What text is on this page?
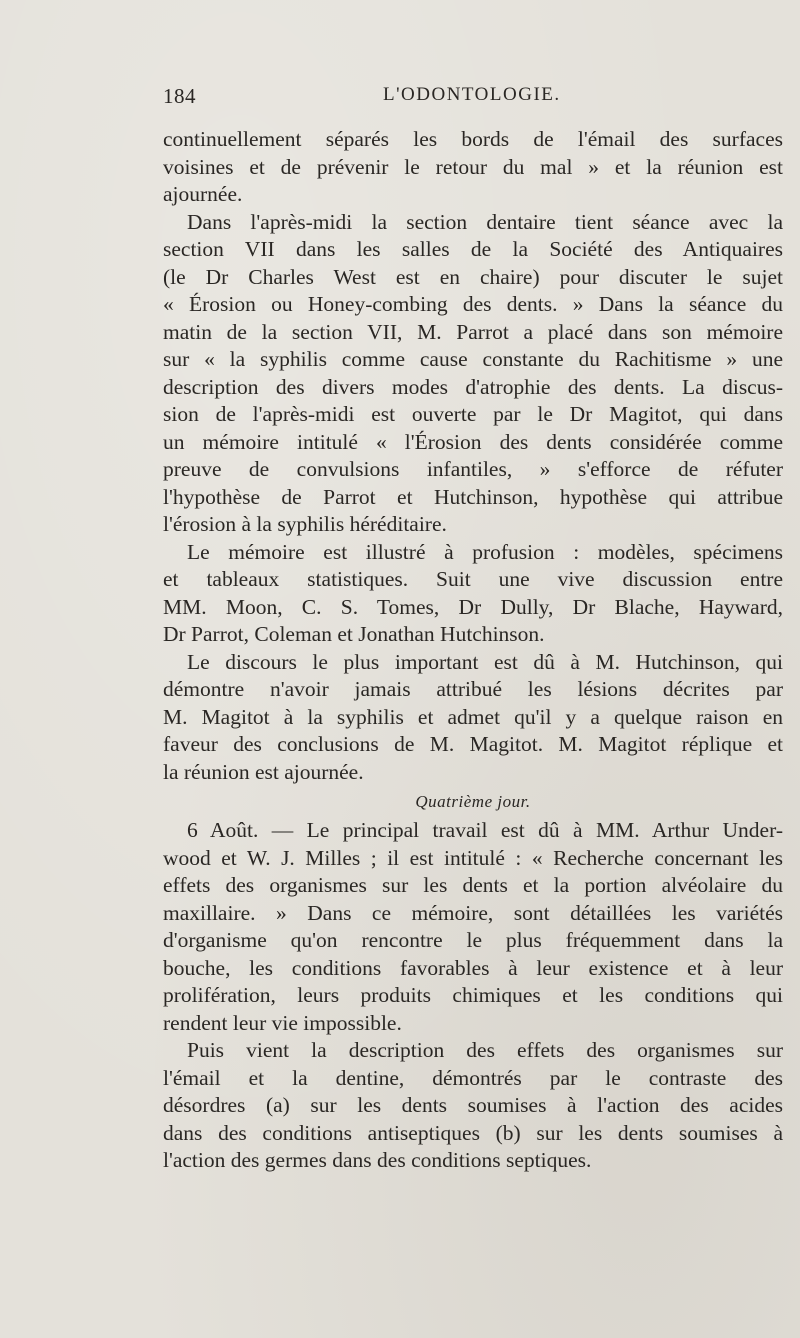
184	L'ODONTOLOGIE.
continuellement séparés les bords de l'émail des surfaces
voisines et de prévenir le retour du mal » et la réunion est
ajournée.
Dans l'après-midi la section dentaire tient séance avec la
section VII dans les salles de la Société des Antiquaires
(le Dr Charles West est en chaire) pour discuter le sujet
« Érosion ou Honey-combing des dents. » Dans la séance du
matin de la section VII, M. Parrot a placé dans son mémoire
sur « la syphilis comme cause constante du Rachitisme » une
description des divers modes d'atrophie des dents. La discus-
sion de l'après-midi est ouverte par le Dr Magitot, qui dans
un mémoire intitulé « l'Érosion des dents considérée comme
preuve de convulsions infantiles, » s'efforce de réfuter
l'hypothèse de Parrot et Hutchinson, hypothèse qui attribue
l'érosion à la syphilis héréditaire.
Le mémoire est illustré à profusion : modèles, spécimens
et tableaux statistiques. Suit une vive discussion entre
MM. Moon, C. S. Tomes, Dr Dully, Dr Blache, Hayward,
Dr Parrot, Coleman et Jonathan Hutchinson.
Le discours le plus important est dû à M. Hutchinson, qui
démontre n'avoir jamais attribué les lésions décrites par
M. Magitot à la syphilis et admet qu'il y a quelque raison en
faveur des conclusions de M. Magitot. M. Magitot réplique et
la réunion est ajournée.
Quatrième jour.
6 Août. — Le principal travail est dû à MM. Arthur Under-
wood et W. J. Milles ; il est intitulé : « Recherche concernant les
effets des organismes sur les dents et la portion alvéolaire du
maxillaire. » Dans ce mémoire, sont détaillées les variétés
d'organisme qu'on rencontre le plus fréquemment dans la
bouche, les conditions favorables à leur existence et à leur
prolifération, leurs produits chimiques et les conditions qui
rendent leur vie impossible.
Puis vient la description des effets des organismes sur
l'émail et la dentine, démontrés par le contraste des
désordres (a) sur les dents soumises à l'action des acides
dans des conditions antiseptiques (b) sur les dents soumises à
l'action des germes dans des conditions septiques.
